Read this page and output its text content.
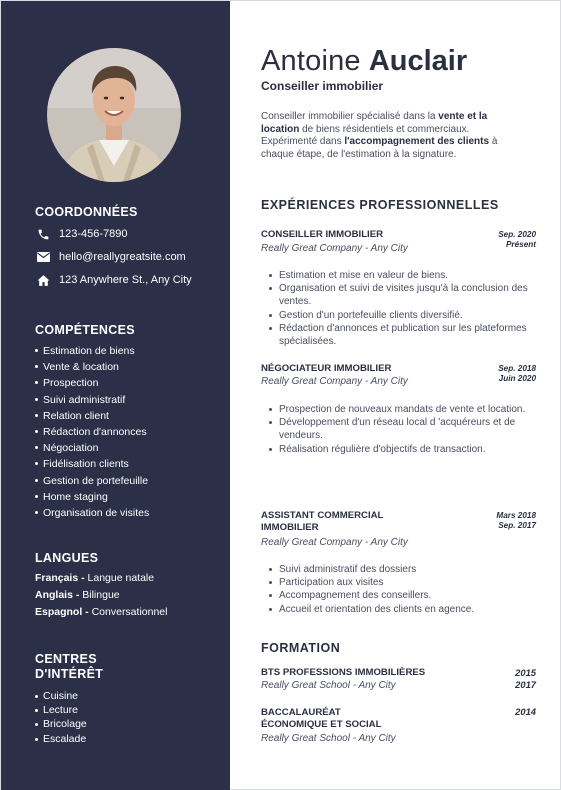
COORDONNÉES
123-456-7890
hello@reallygreatsite.com
123 Anywhere St., Any City
COMPÉTENCES
Estimation de biens
Vente & location
Prospection
Suivi administratif
Relation client
Rédaction d'annonces
Négociation
Fidélisation clients
Gestion de portefeuille
Home staging
Organisation de visites
LANGUES
Français - Langue natale
Anglais - Bilingue
Espagnol - Conversationnel
CENTRES
D'INTÉRÊT
Cuisine
Lecture
Bricolage
Escalade
Antoine Auclair
Conseiller immobilier
Conseiller immobilier spécialisé dans la vente et la location de biens résidentiels et commerciaux. Expérimenté dans l'accompagnement des clients à chaque étape, de l'estimation à la signature.
EXPÉRIENCES PROFESSIONNELLES
CONSEILLER IMMOBILIER	Sep. 2020
Présent
Really Great Company - Any City
Estimation et mise en valeur de biens.
Organisation et suivi de visites jusqu'à la conclusion des ventes.
Gestion d'un portefeuille clients diversifié.
Rédaction d'annonces et publication sur les plateformes spécialisées.
NÉGOCIATEUR IMMOBILIER	Sep. 2018
Juin 2020
Really Great Company - Any City
Prospection de nouveaux mandats de vente et location.
Développement d'un réseau local d 'acquéreurs et de vendeurs.
Réalisation régulière d'objectifs de transaction.
ASSISTANT COMMERCIAL
IMMOBILIER
Mars 2018
Sep. 2017
Really Great Company - Any City
Suivi administratif des dossiers
Participation aux visites
Accompagnement des conseillers.
Accueil et orientation des clients en agence.
FORMATION
BTS PROFESSIONS IMMOBILIÈRES	2015
2017
Really Great School - Any City
BACCALAURÉAT
ÉCONOMIQUE ET SOCIAL
2014
Really Great School - Any City
